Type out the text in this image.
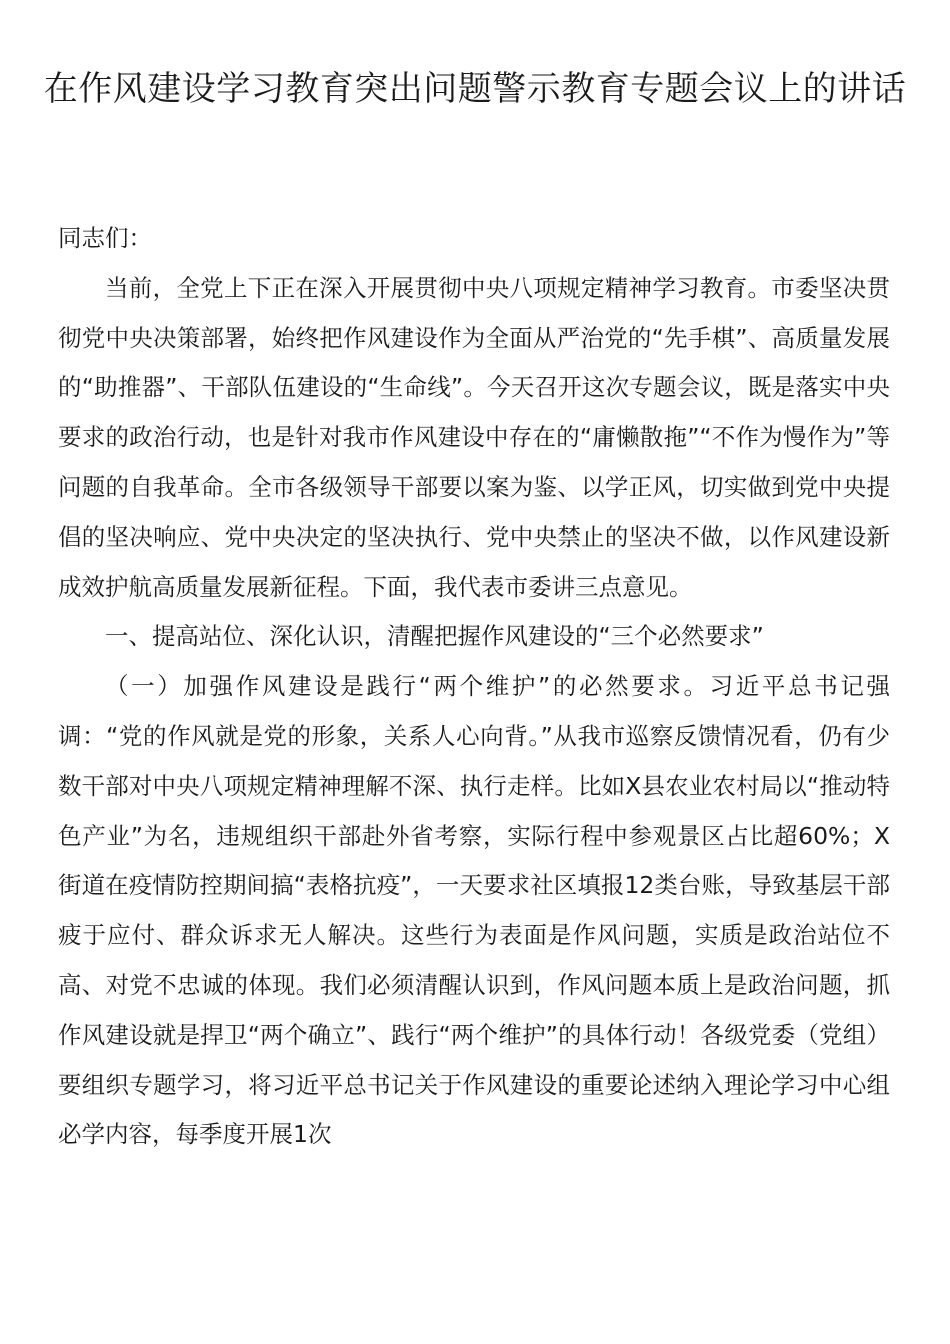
在作风建设学习教育突出问题警示教育专题会议上的讲话

同志们：

当前，全党上下正在深入开展贯彻中央八项规定精神学习教育。市委坚决贯彻党中央决策部署，始终把作风建设作为全面从严治党的“先手棋”、高质量发展的“助推器”、干部队伍建设的“生命线”。今天召开这次专题会议，既是落实中央要求的政治行动，也是针对我市作风建设中存在的“庸懒散拖”“不作为慢作为”等问题的自我革命。全市各级领导干部要以案为鉴、以学正风，切实做到党中央提倡的坚决响应、党中央决定的坚决执行、党中央禁止的坚决不做，以作风建设新成效护航高质量发展新征程。下面，我代表市委讲三点意见。

一、提高站位、深化认识，清醒把握作风建设的“三个必然要求”

（一）加强作风建设是践行“两个维护”的必然要求。习近平总书记强调：“党的作风就是党的形象，关系人心向背。”从我市巡察反馈情况看，仍有少数干部对中央八项规定精神理解不深、执行走样。比如X县农业农村局以“推动特色产业”为名，违规组织干部赴外省考察，实际行程中参观景区占比超60%；X街道在疫情防控期间搞“表格抗疫”，一天要求社区填报12类台账，导致基层干部疲于应付、群众诉求无人解决。这些行为表面是作风问题，实质是政治站位不高、对党不忠诚的体现。我们必须清醒认识到，作风问题本质上是政治问题，抓作风建设就是捍卫“两个确立”、践行“两个维护”的具体行动！各级党委（党组）要组织专题学习，将习近平总书记关于作风建设的重要论述纳入理论学习中心组必学内容，每季度开展1次
